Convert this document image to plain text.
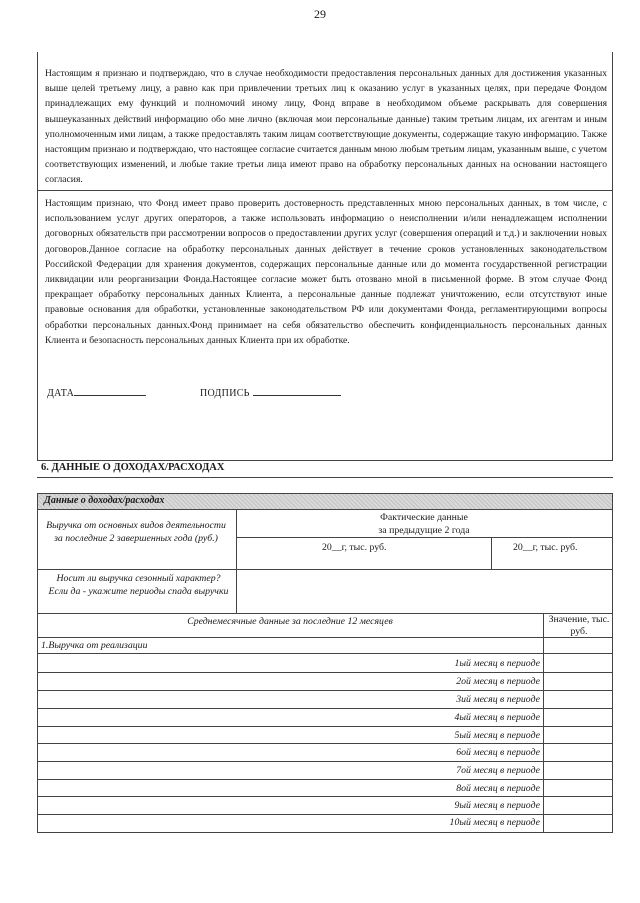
29

Настоящим я признаю и подтверждаю, что в случае необходимости предоставления персональных данных для достижения указанных выше целей третьему лицу, а равно как при привлечении третьих лиц к оказанию услуг в указанных целях, при передаче Фондом принадлежащих ему функций и полномочий иному лицу, Фонд вправе в необходимом объеме раскрывать для совершения вышеуказанных действий информацию обо мне лично (включая мои персональные данные) таким третьим лицам, их агентам и иным уполномоченным ими лицам, а также предоставлять таким лицам соответствующие документы, содержащие такую информацию. Также настоящим признаю и подтверждаю, что настоящее согласие считается данным мною любым третьим лицам, указанным выше, с учетом соответствующих изменений, и любые такие третьи лица имеют право на обработку персональных данных на основании настоящего согласия.

Настоящим признаю, что Фонд имеет право проверить достоверность представленных мною персональных данных, в том числе, с использованием услуг других операторов, а также использовать информацию о неисполнении и/или ненадлежащем исполнении договорных обязательств при рассмотрении вопросов о предоставлении других услуг (совершения операций и т.д.) и заключении новых договоров.Данное согласие на обработку персональных данных действует в течение сроков установленных законодательством Российской Федерации для хранения документов, содержащих персональные данные или до момента государственной регистрации ликвидации или реорганизации Фонда.Настоящее согласие может быть отозвано мной в письменной форме. В этом случае Фонд прекращает обработку персональных данных Клиента, а персональные данные подлежат уничтожению, если отсутствуют иные правовые основания для обработки, установленные законодательством РФ или документами Фонда, регламентирующими вопросы обработки персональных данных.Фонд принимает на себя обязательство обеспечить конфиденциальность персональных данных Клиента и безопасность персональных данных Клиента при их обработке.

ДАТА	ПОДПИСЬ
6. ДАННЫЕ О ДОХОДАХ/РАСХОДАХ
Данные о доходах/расходах
Выручка от основных видов деятельности за последние 2 завершенных года (руб.)
Фактические данные
за предыдущие 2 года
20__г, тыс. руб.	20__г, тыс. руб.
Носит ли выручка сезонный характер? Если да - укажите периоды спада выручки
Среднемесячные данные за последние 12 месяцев	Значение, тыс. руб.
1.Выручка от реализации
1ый месяц в периоде
2ой месяц в периоде
3ий месяц в периоде
4ый месяц в периоде
5ый месяц в периоде
6ой месяц в периоде
7ой месяц в периоде
8ой месяц в периоде
9ый месяц в периоде
10ый месяц в периоде
